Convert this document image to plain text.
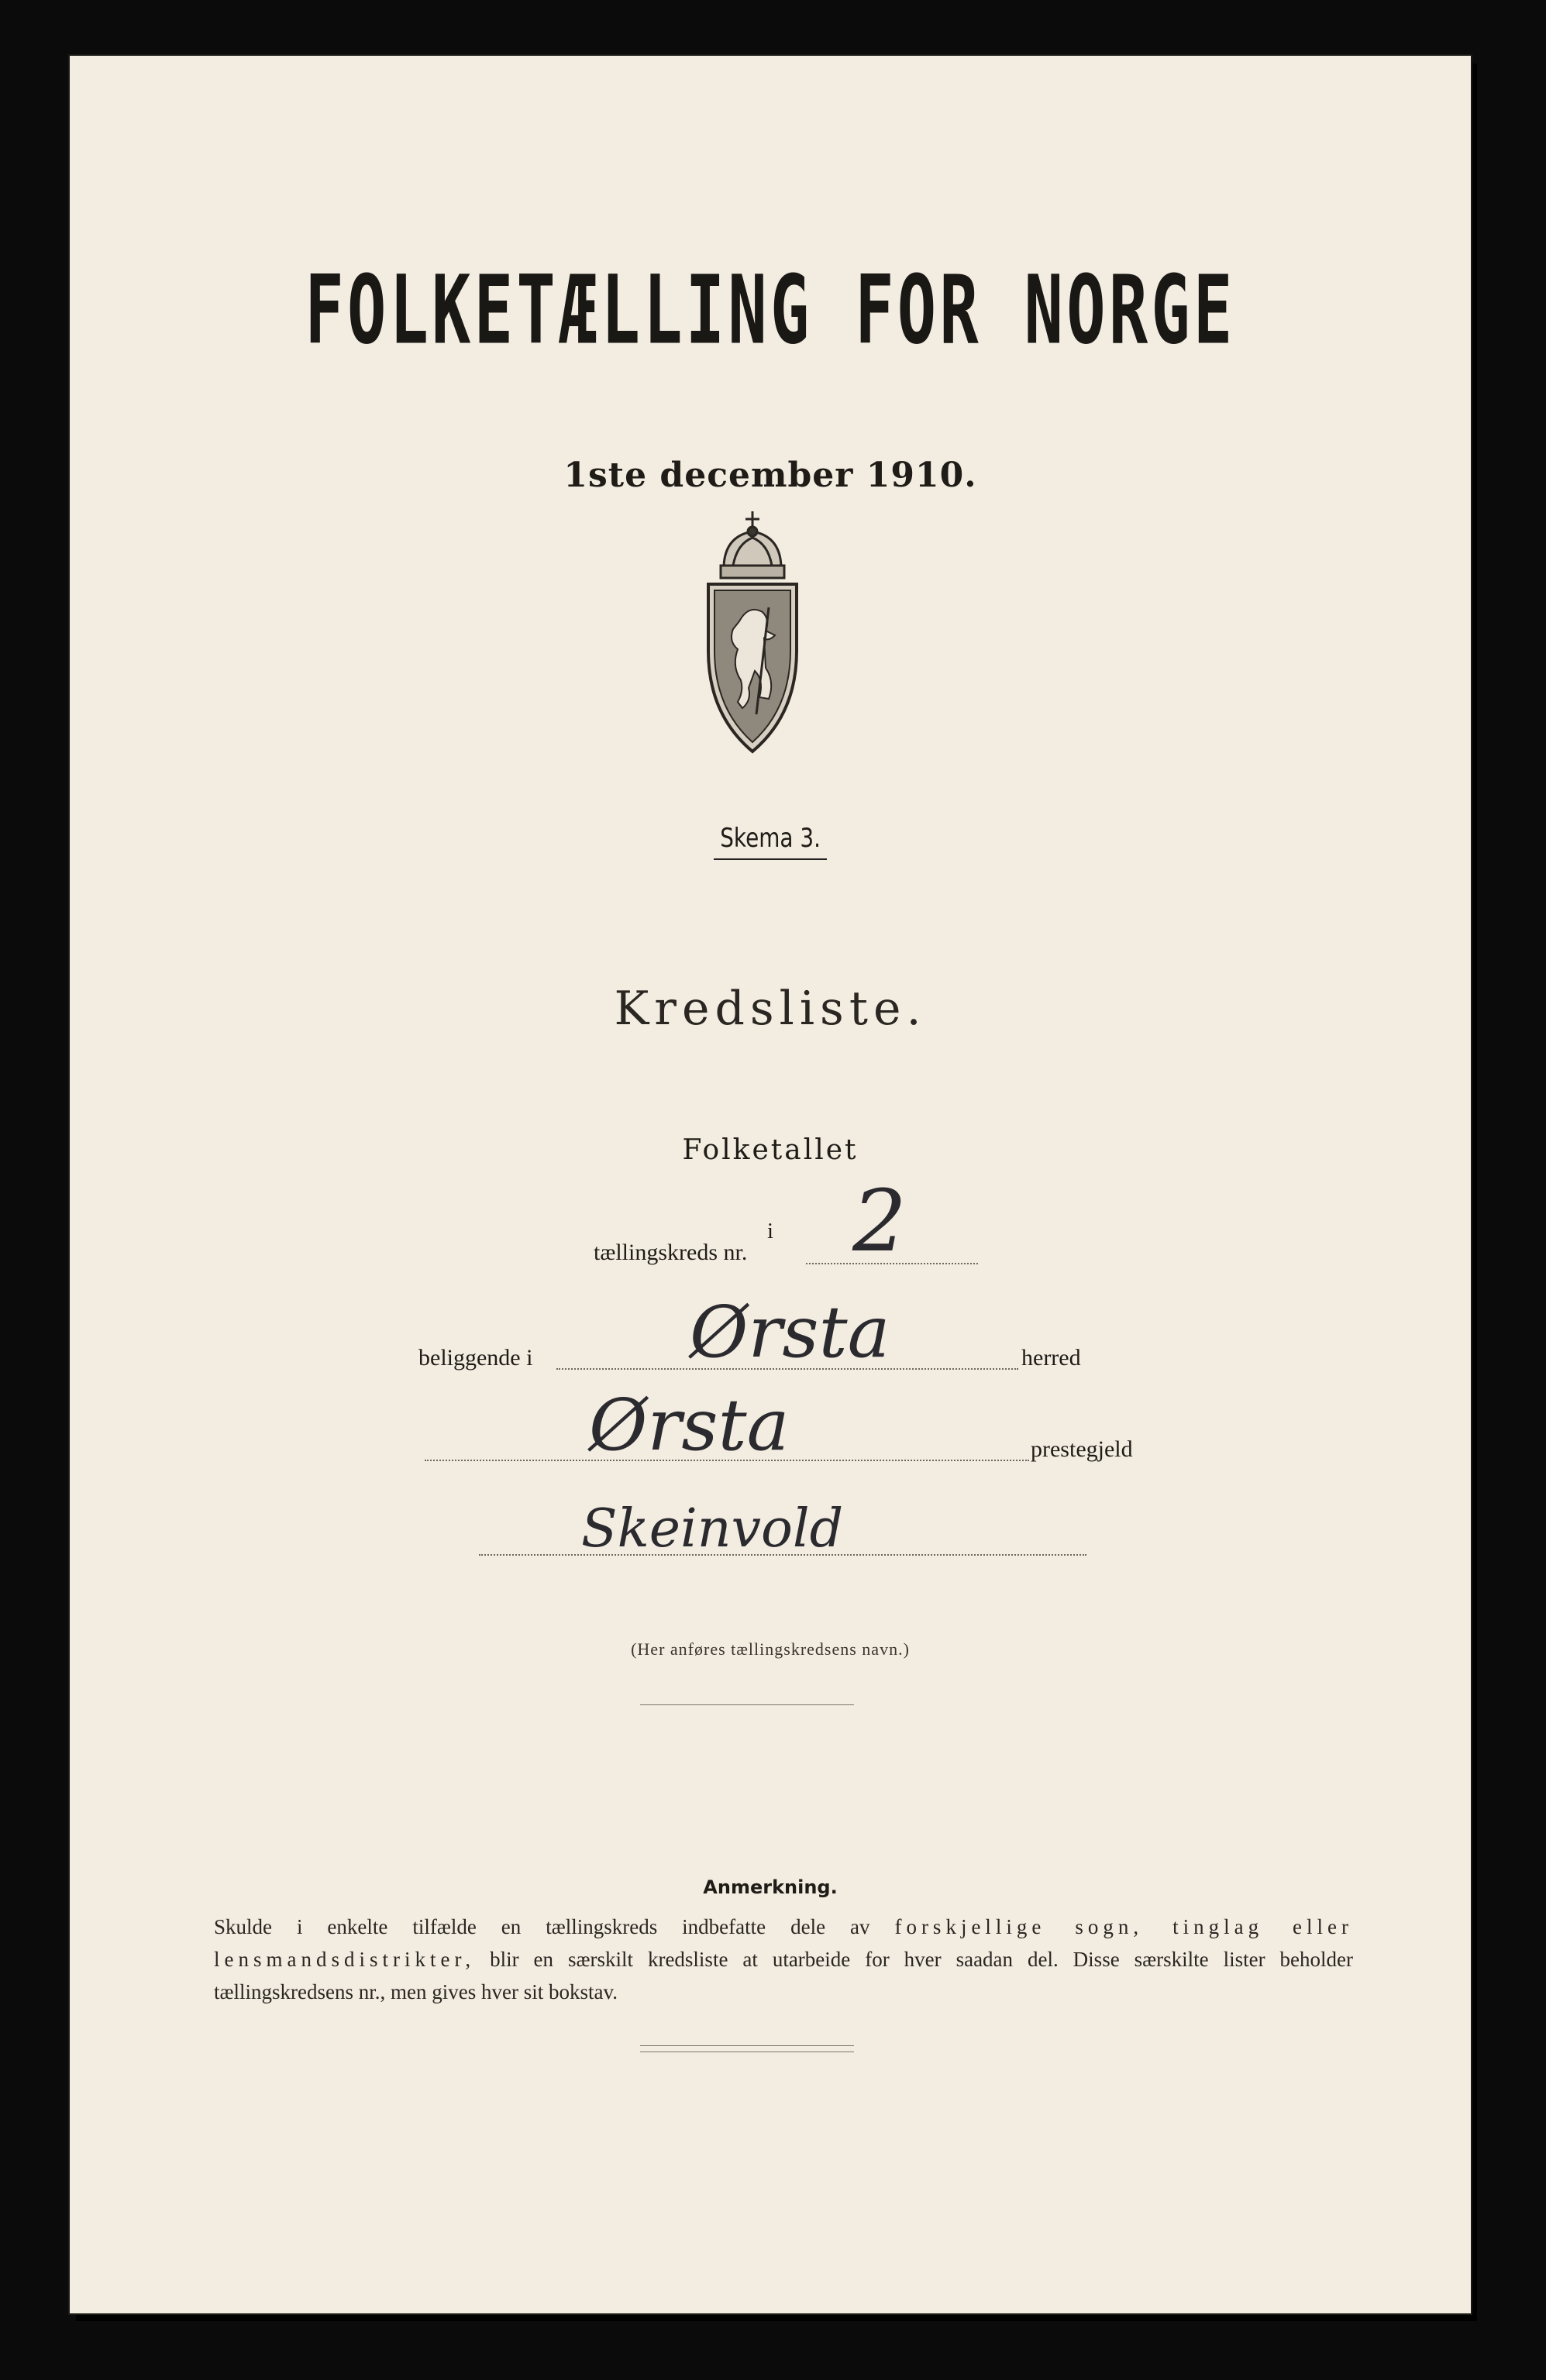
FOLKETÆLLING FOR NORGE
1ste december 1910.
Skema 3.
Kredsliste.
Folketallet
i
tællingskreds nr. 2
beliggende i Ørsta	herred
Ørsta	prestegjeld
Skeinvold
(Her anføres tællingskredsens navn.)
Anmerkning.
Skulde i enkelte tilfælde en tællingskreds indbefatte dele av forskjellige sogn, tinglag eller lensmandsdistrikter, blir en særskilt kredsliste at utarbeide for hver saadan del. Disse særskilte lister beholder tællingskredsens nr., men gives hver sit bokstav.
